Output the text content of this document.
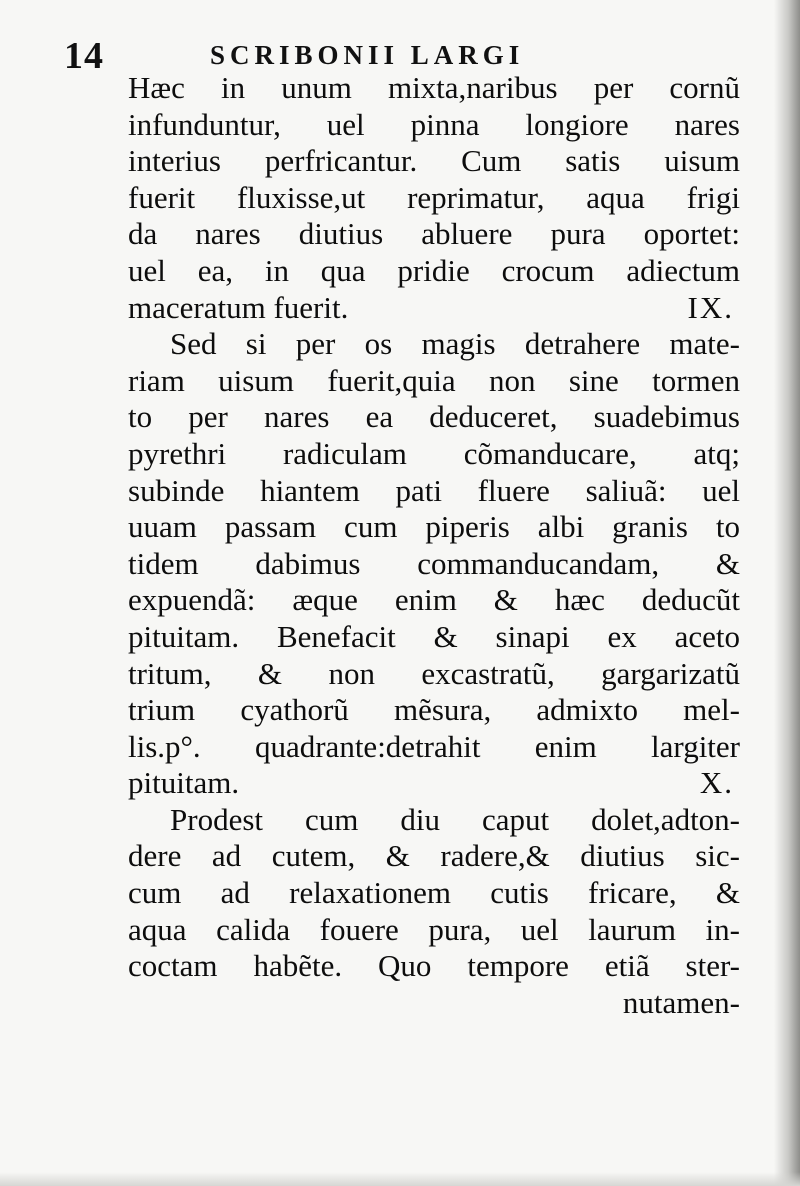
14	SCRIBONII LARGI
Hæc in unum mixta,naribus per cornũ
infunduntur, uel pinna longiore nares
interius perfricantur. Cum satis uisum
fuerit fluxisse,ut reprimatur, aqua frigi
da nares diutius abluere pura oportet:
uel ea, in qua pridie crocum adiectum
maceratum fuerit.	IX.
Sed si per os magis detrahere mate-
riam uisum fuerit,quia non sine tormen
to per nares ea deduceret, suadebimus
pyrethri radiculam cõmanducare, atq;
subinde hiantem pati fluere saliuã: uel
uuam passam cum piperis albi granis to
tidem dabimus commanducandam, &
expuendã: æque enim & hæc deducũt
pituitam. Benefacit & sinapi ex aceto
tritum, & non excastratũ, gargarizatũ
trium cyathorũ mẽsura, admixto mel-
lis.p°. quadrante:detrahit enim largiter
pituitam.	X.
Prodest cum diu caput dolet,adton-
dere ad cutem, & radere,& diutius sic-
cum ad relaxationem cutis fricare, &
aqua calida fouere pura, uel laurum in-
coctam habẽte. Quo tempore etiã ster-
nutamen-
